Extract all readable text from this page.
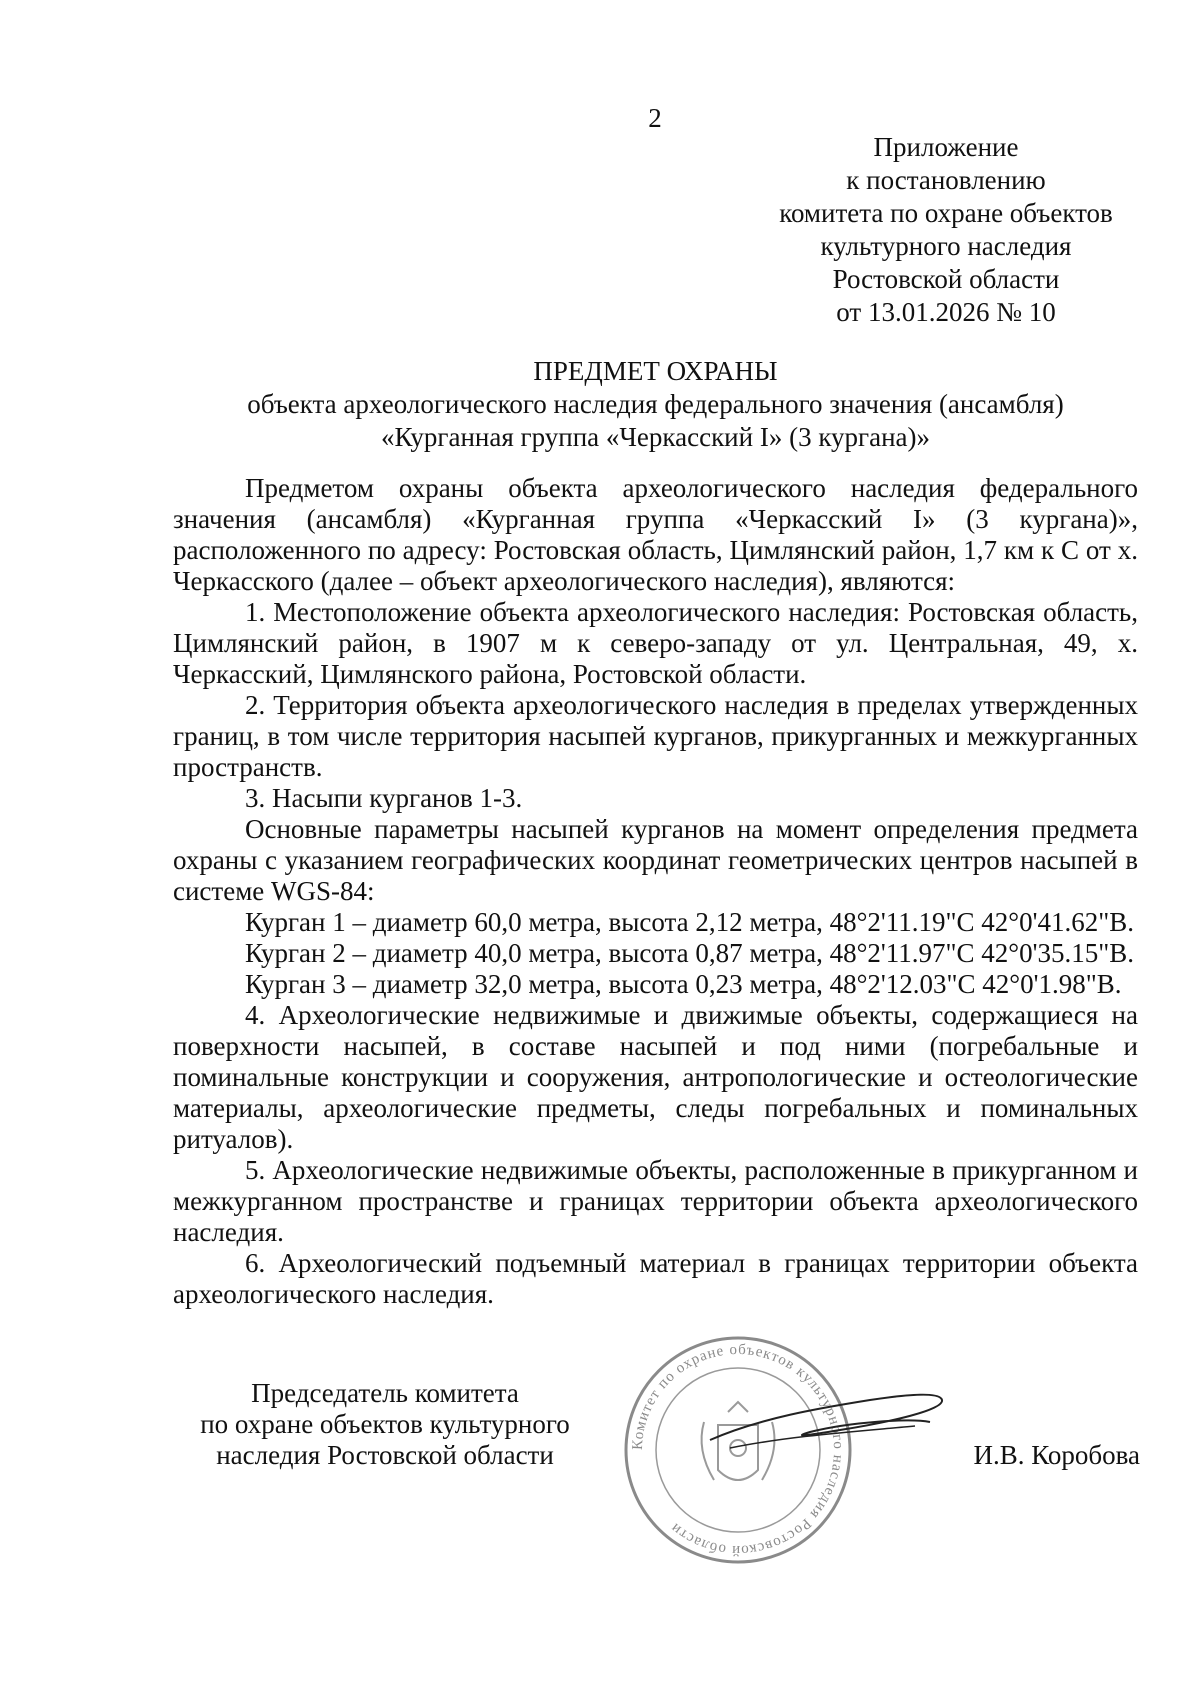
2
Приложение
к постановлению
комитета по охране объектов
культурного наследия
Ростовской области
от 13.01.2026 № 10
ПРЕДМЕТ ОХРАНЫ
объекта археологического наследия федерального значения (ансамбля)
«Курганная группа «Черкасский I» (3 кургана)»

Предметом охраны объекта археологического наследия федерального значения (ансамбля) «Курганная группа «Черкасский I» (3 кургана)», расположенного по адресу: Ростовская область, Цимлянский район, 1,7 км к С от х. Черкасского (далее – объект археологического наследия), являются:

1. Местоположение объекта археологического наследия: Ростовская область, Цимлянский район, в 1907 м к северо-западу от ул. Центральная, 49, х. Черкасский, Цимлянского района, Ростовской области.

2. Территория объекта археологического наследия в пределах утвержденных границ, в том числе территория насыпей курганов, прикурганных и межкурганных пространств.

3. Насыпи курганов 1-3.

Основные параметры насыпей курганов на момент определения предмета охраны с указанием географических координат геометрических центров насыпей в системе WGS-84:

Курган 1 – диаметр 60,0 метра, высота 2,12 метра, 48°2'11.19"С 42°0'41.62"В.

Курган 2 – диаметр 40,0 метра, высота 0,87 метра, 48°2'11.97"С 42°0'35.15"В.

Курган 3 – диаметр 32,0 метра, высота 0,23 метра, 48°2'12.03"С 42°0'1.98"В.

4. Археологические недвижимые и движимые объекты, содержащиеся на поверхности насыпей, в составе насыпей и под ними (погребальные и поминальные конструкции и сооружения, антропологические и остеологические материалы, археологические предметы, следы погребальных и поминальных ритуалов).

5. Археологические недвижимые объекты, расположенные в прикурганном и межкурганном пространстве и границах территории объекта археологического наследия.

6. Археологический подъемный материал в границах территории объекта археологического наследия.

Председатель комитета
по охране объектов культурного
наследия Ростовской области	Комитет по охране объектов культурного наследия Ростовской области
И.В. Коробова
